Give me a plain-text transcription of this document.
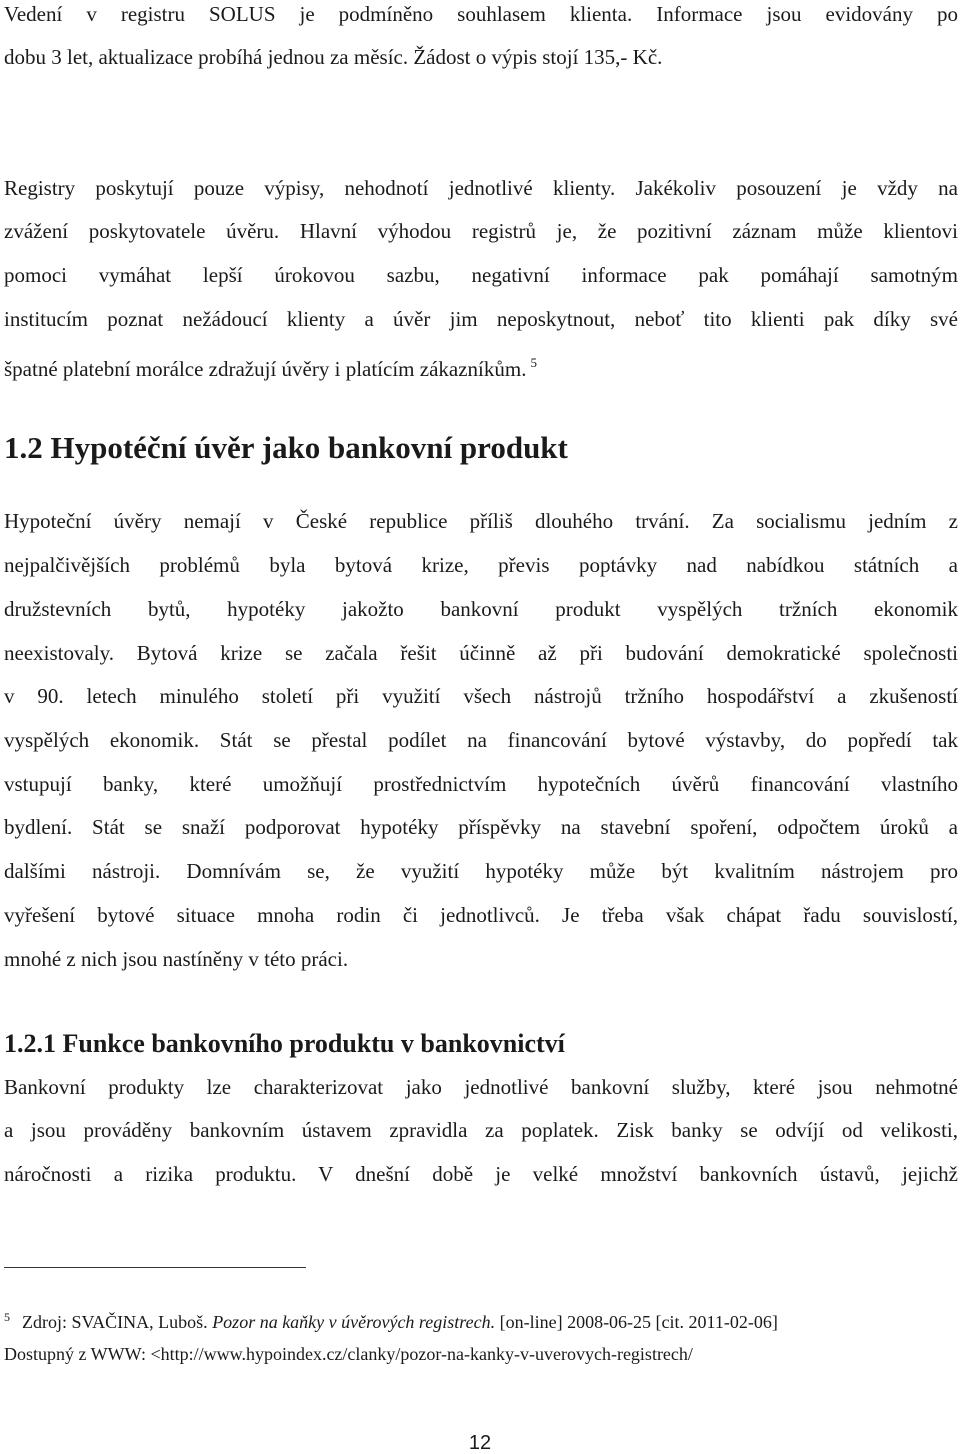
Vedení v registru SOLUS je podmíněno souhlasem klienta. Informace jsou evidovány po
dobu 3 let, aktualizace probíhá jednou za měsíc. Žádost o výpis stojí 135,- Kč.
Registry poskytují pouze výpisy, nehodnotí jednotlivé klienty. Jakékoliv posouzení je vždy na
zvážení poskytovatele úvěru. Hlavní výhodou registrů je, že pozitivní záznam může klientovi
pomoci vymáhat lepší úrokovou sazbu, negativní informace pak pomáhají samotným
institucím poznat nežádoucí klienty a úvěr jim neposkytnout, neboť tito klienti pak díky své
špatné platební morálce zdražují úvěry i platícím zákazníkům. $^5$
1.2 Hypotéční úvěr jako bankovní produkt
Hypoteční úvěry nemají v České republice příliš dlouhého trvání. Za socialismu jedním z
nejpalčivějších problémů byla bytová krize, převis poptávky nad nabídkou státních a
družstevních bytů, hypotéky jakožto bankovní produkt vyspělých tržních ekonomik
neexistovaly. Bytová krize se začala řešit účinně až při budování demokratické společnosti
v 90. letech minulého století při využití všech nástrojů tržního hospodářství a zkušeností
vyspělých ekonomik. Stát se přestal podílet na financování bytové výstavby, do popředí tak
vstupují banky, které umožňují prostřednictvím hypotečních úvěrů financování vlastního
bydlení. Stát se snaží podporovat hypotéky příspěvky na stavební spoření, odpočtem úroků a
dalšími nástroji. Domnívám se, že využití hypotéky může být kvalitním nástrojem pro
vyřešení bytové situace mnoha rodin či jednotlivců. Je třeba však chápat řadu souvislostí,
mnohé z nich jsou nastíněny v této práci.
1.2.1 Funkce bankovního produktu v bankovnictví
Bankovní produkty lze charakterizovat jako jednotlivé bankovní služby, které jsou nehmotné
a jsou prováděny bankovním ústavem zpravidla za poplatek. Zisk banky se odvíjí od velikosti,
náročnosti a rizika produktu. V dnešní době je velké množství bankovních ústavů, jejichž
$^5$ Zdroj: SVAČINA, Luboš. Pozor na kaňky v úvěrových registrech. [on-line] 2008-06-25 [cit. 2011-02-06]
Dostupný z WWW: <http://www.hypoindex.cz/clanky/pozor-na-kanky-v-uverovych-registrech/
12
